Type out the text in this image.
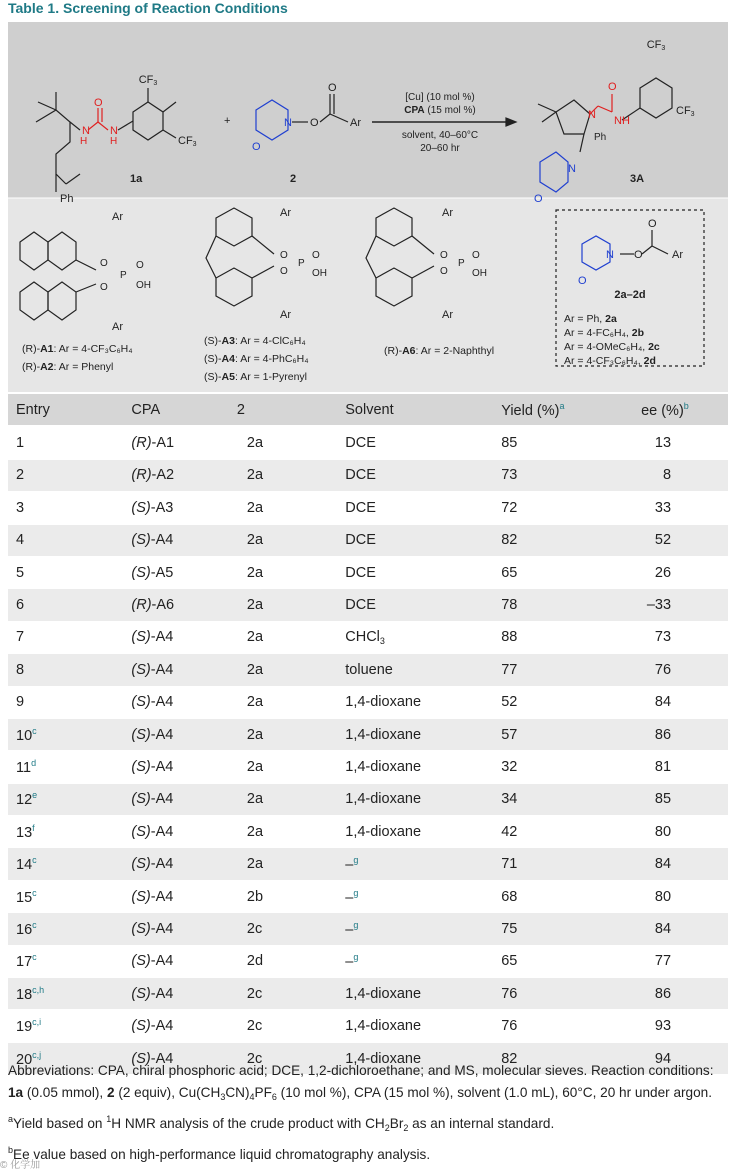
Table 1. Screening of Reaction Conditions
CF3
CF3
Ph
N
H
O
N
H
1a
+	N
O
O
O
Ar
2
[Cu] (10 mol %)
CPA (15 mol %)
solvent, 40–60°C
20–60 hr
CF3
CF3
N
O
NH
Ph
N
O
3A
Ar
Ar
O
O
P
O
OH
Ar
Ar
O
O
P
O
OH
Ar
Ar
O
O
P
O
OH
(R)-A1: Ar = 4-CF₃C₆H₄
(R)-A2: Ar = Phenyl
(S)-A3: Ar = 4-ClC₆H₄
(S)-A4: Ar = 4-PhC₆H₄
(S)-A5: Ar = 1-Pyrenyl
(R)-A6: Ar = 2-Naphthyl
N
O
O
O
Ar
2a–2d
Ar = Ph, 2a
Ar = 4-FC₆H₄, 2b
Ar = 4-OMeC₆H₄, 2c
Ar = 4-CF₃C₆H₄, 2d
Entry	CPA	2	Solvent	Yield (%)$^a$	ee (%)$^b$
1	(R)-A1	2a	DCE	85	13
2	(R)-A2	2a	DCE	73	8
3	(S)-A3	2a	DCE	72	33
4	(S)-A4	2a	DCE	82	52
5	(S)-A5	2a	DCE	65	26
6	(R)-A6	2a	DCE	78	–33
7	(S)-A4	2a	CHCl$_3$	88	73
8	(S)-A4	2a	toluene	77	76
9	(S)-A4	2a	1,4-dioxane	52	84
10$^c$	(S)-A4	2a	1,4-dioxane	57	86
11$^d$	(S)-A4	2a	1,4-dioxane	32	81
12e	(S)-A4	2a	1,4-dioxane	34	85
13$^f$	(S)-A4	2a	1,4-dioxane	42	80
14$^c$	(S)-A4	2a	–$^g$	71	84
15$^c$	(S)-A4	2b	–$^g$	68	80
16$^c$	(S)-A4	2c	–$^g$	75	84
17$^c$	(S)-A4	2d	–$^g$	65	77
18$^{c,h}$	(S)-A4	2c	1,4-dioxane	76	86
19$^{c,i}$	(S)-A4	2c	1,4-dioxane	76	93
20$^{c,j}$	(S)-A4	2c	1,4-dioxane	82	94

Abbreviations: CPA, chiral phosphoric acid; DCE, 1,2-dichloroethane; and MS, molecular sieves. Reaction conditions: 1a (0.05 mmol), 2 (2 equiv), $Cu(CH_3CN)_4PF_6$ (10 mol %), CPA (15 mol %), solvent (1.0 mL), 60°C, 20 hr under argon.

$^a$Yield based on $^1$H NMR analysis of the crude product with $CH_2Br_2$ as an internal standard.

$^b$Ee value based on high-performance liquid chromatography analysis.

© 化学加
